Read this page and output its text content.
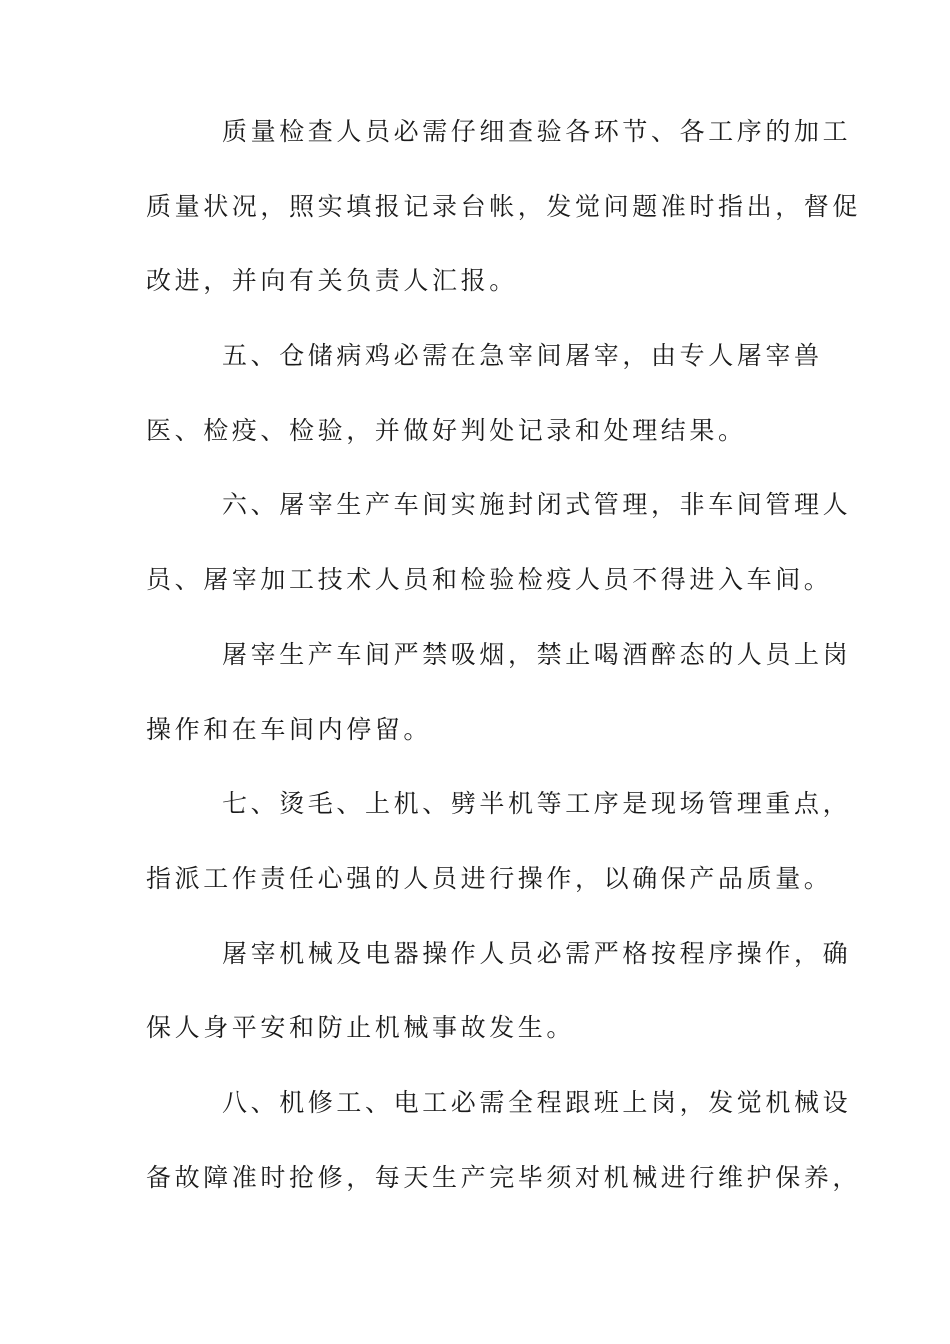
质量检查人员必需仔细查验各环节、各工序的加工
质量状况，照实填报记录台帐，发觉问题准时指出，督促
改进，并向有关负责人汇报。
五、仓储病鸡必需在急宰间屠宰，由专人屠宰兽
医、检疫、检验，并做好判处记录和处理结果。
六、屠宰生产车间实施封闭式管理，非车间管理人
员、屠宰加工技术人员和检验检疫人员不得进入车间。
屠宰生产车间严禁吸烟，禁止喝酒醉态的人员上岗
操作和在车间内停留。
七、烫毛、上机、劈半机等工序是现场管理重点，
指派工作责任心强的人员进行操作，以确保产品质量。
屠宰机械及电器操作人员必需严格按程序操作，确
保人身平安和防止机械事故发生。
八、机修工、电工必需全程跟班上岗，发觉机械设
备故障准时抢修，每天生产完毕须对机械进行维护保养，
